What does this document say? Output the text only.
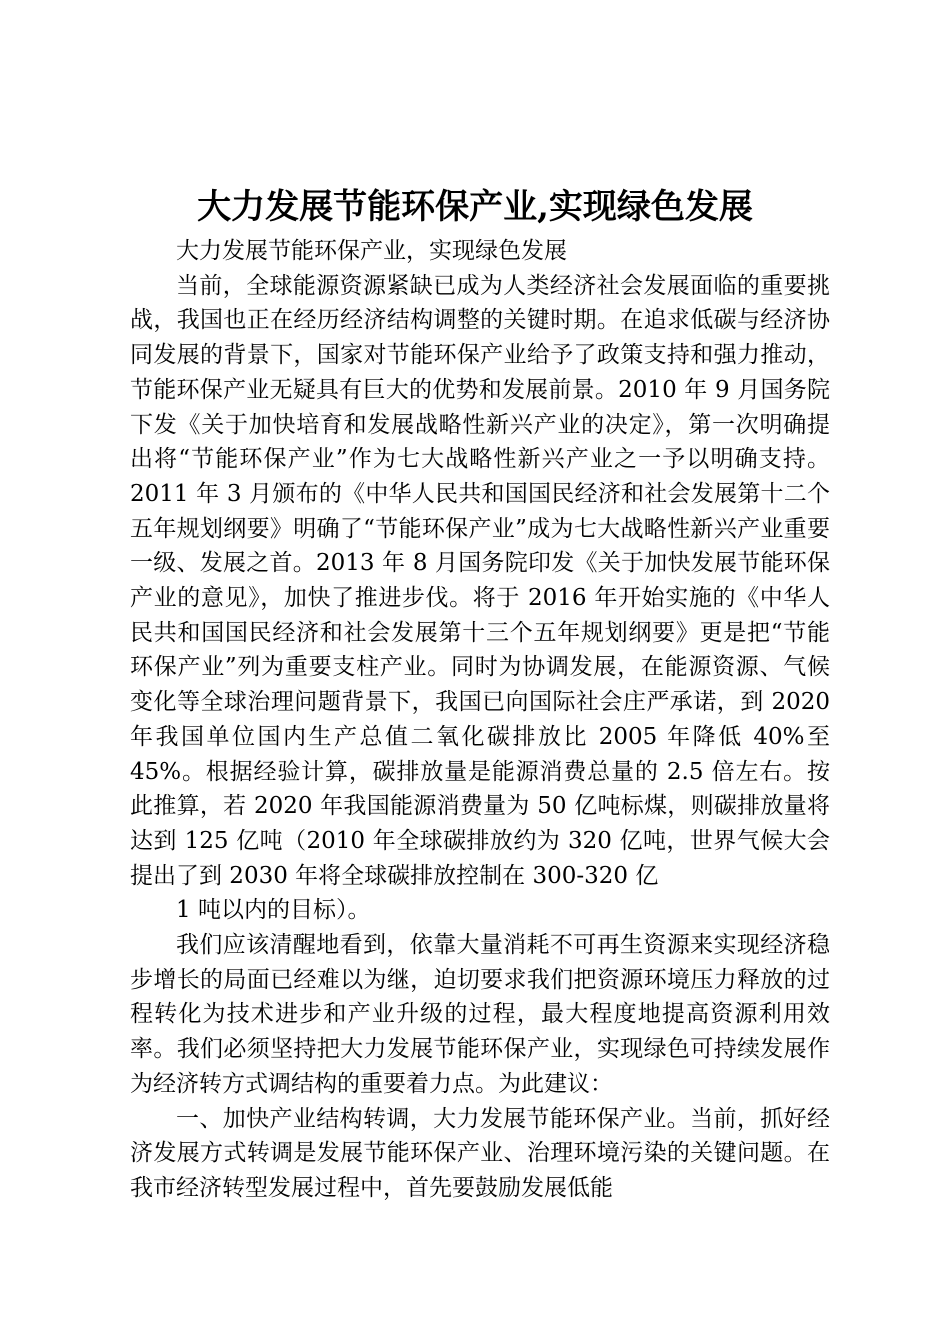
大力发展节能环保产业,实现绿色发展

大力发展节能环保产业，实现绿色发展

当前，全球能源资源紧缺已成为人类经济社会发展面临的重要挑战，我国也正在经历经济结构调整的关键时期。在追求低碳与经济协同发展的背景下，国家对节能环保产业给予了政策支持和强力推动，节能环保产业无疑具有巨大的优势和发展前景。2010 年 9 月国务院下发《关于加快培育和发展战略性新兴产业的决定》，第一次明确提出将“节能环保产业”作为七大战略性新兴产业之一予以明确支持。2011 年 3 月颁布的《中华人民共和国国民经济和社会发展第十二个五年规划纲要》明确了“节能环保产业”成为七大战略性新兴产业重要一级、发展之首。2013 年 8 月国务院印发《关于加快发展节能环保产业的意见》，加快了推进步伐。将于 2016 年开始实施的《中华人民共和国国民经济和社会发展第十三个五年规划纲要》更是把“节能环保产业”列为重要支柱产业。同时为协调发展，在能源资源、气候变化等全球治理问题背景下，我国已向国际社会庄严承诺，到 2020 年我国单位国内生产总值二氧化碳排放比 2005 年降低 40%至 45%。根据经验计算，碳排放量是能源消费总量的 2.5 倍左右。按此推算，若 2020 年我国能源消费量为 50 亿吨标煤，则碳排放量将达到 125 亿吨（2010 年全球碳排放约为 320 亿吨，世界气候大会提出了到 2030 年将全球碳排放控制在 300-320 亿

1 吨以内的目标）。

我们应该清醒地看到，依靠大量消耗不可再生资源来实现经济稳步增长的局面已经难以为继，迫切要求我们把资源环境压力释放的过程转化为技术进步和产业升级的过程，最大程度地提高资源利用效率。我们必须坚持把大力发展节能环保产业，实现绿色可持续发展作为经济转方式调结构的重要着力点。为此建议：

一、加快产业结构转调，大力发展节能环保产业。当前，抓好经济发展方式转调是发展节能环保产业、治理环境污染的关键问题。在我市经济转型发展过程中，首先要鼓励发展低能
